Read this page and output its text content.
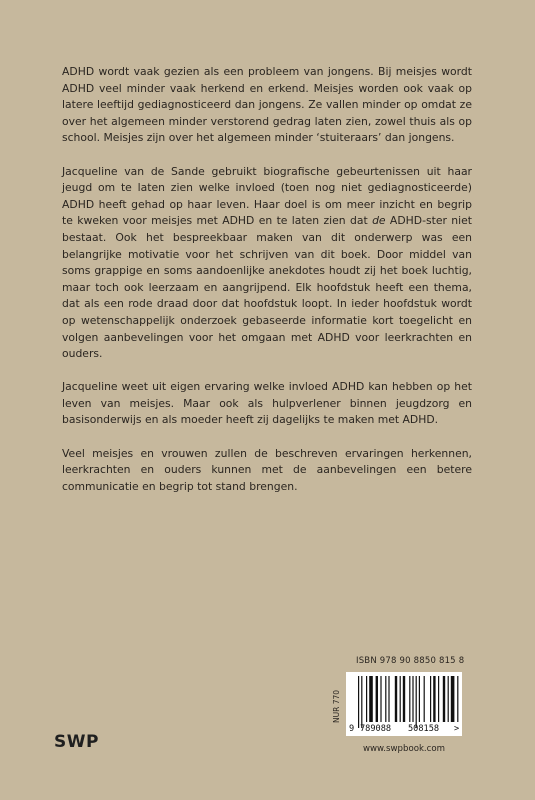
ADHD wordt vaak gezien als een probleem van jongens. Bij meisjes wordt ADHD veel minder vaak herkend en erkend. Meisjes worden ook vaak op latere leeftijd gediagnosticeerd dan jongens. Ze vallen minder op omdat ze over het algemeen minder verstorend gedrag laten zien, zowel thuis als op school. Meisjes zijn over het algemeen minder ‘stuiteraars’ dan jongens.

Jacqueline van de Sande gebruikt biografische gebeurtenissen uit haar jeugd om te laten zien welke invloed (toen nog niet gediagnosticeerde) ADHD heeft gehad op haar leven. Haar doel is om meer inzicht en begrip te kweken voor meisjes met ADHD en te laten zien dat de ADHD-ster niet bestaat. Ook het bespreekbaar maken van dit onderwerp was een belangrijke motivatie voor het schrijven van dit boek. Door middel van soms grappige en soms aandoenlijke anekdotes houdt zij het boek luchtig, maar toch ook leerzaam en aangrijpend. Elk hoofdstuk heeft een thema, dat als een rode draad door dat hoofdstuk loopt. In ieder hoofdstuk wordt op wetenschappelijk onderzoek gebaseerde informatie kort toegelicht en volgen aanbevelingen voor het omgaan met ADHD voor leerkrachten en ouders.

Jacqueline weet uit eigen ervaring welke invloed ADHD kan hebben op het leven van meisjes. Maar ook als hulpverlener binnen jeugdzorg en basisonderwijs en als moeder heeft zij dagelijks te maken met ADHD.

Veel meisjes en vrouwen zullen de beschreven ervaringen herkennen, leerkrachten en ouders kunnen met de aanbevelingen een betere communicatie en begrip tot stand brengen.

ISBN 978 90 8850 815 8
NUR 770
9 789088 508158 >
www.swpbook.com
SWP
